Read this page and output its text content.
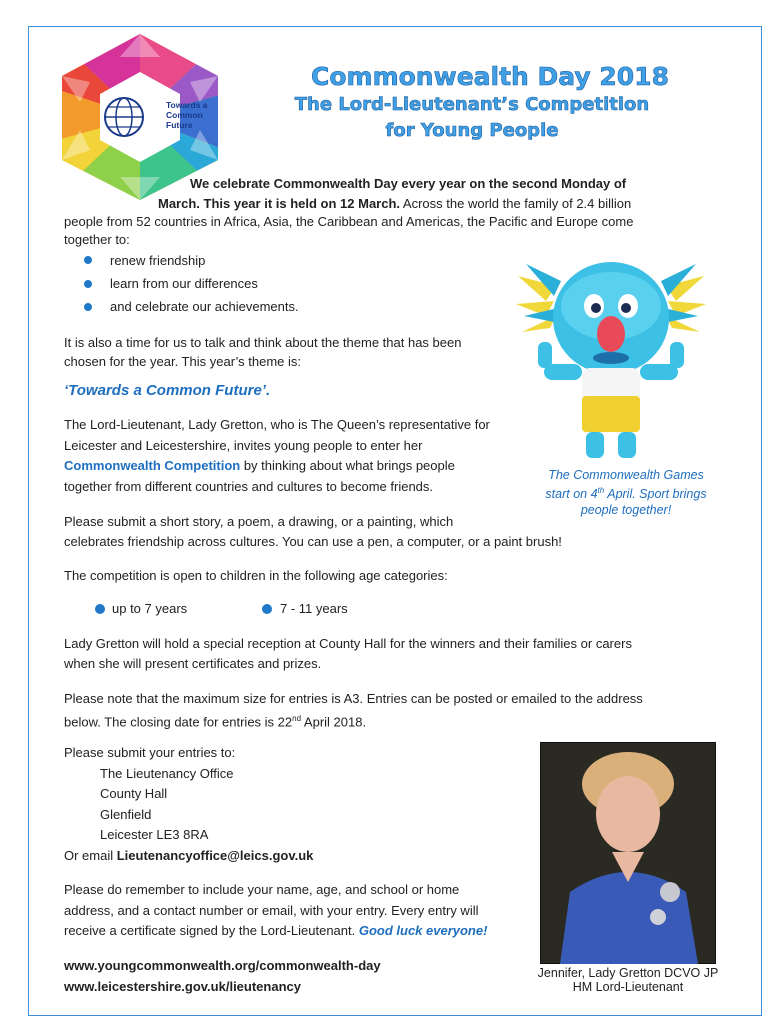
Towards a
Common
Future
Commonwealth Day 2018
The Lord-Lieutenant’s Competition
for Young People
We celebrate Commonwealth Day every year on the second Monday of
March. This year it is held on 12 March. Across the world the family of 2.4 billion
people from 52 countries in Africa, Asia, the Caribbean and Americas, the Pacific and Europe come
together to:
renew friendship
learn from our differences
and celebrate our achievements.
It is also a time for us to talk and think about the theme that has been
chosen for the year. This year’s theme is:
‘Towards a Common Future’.
The Lord-Lieutenant, Lady Gretton, who is The Queen’s representative for
Leicester and Leicestershire, invites young people to enter her
Commonwealth Competition by thinking about what brings people
together from different countries and cultures to become friends.
The Commonwealth Games
start on 4th April. Sport brings
people together!
Please submit a short story, a poem, a drawing, or a painting, which
celebrates friendship across cultures. You can use a pen, a computer, or a paint brush!
The competition is open to children in the following age categories:
up to 7 years	7 - 11 years
Lady Gretton will hold a special reception at County Hall for the winners and their families or carers
when she will present certificates and prizes.
Please note that the maximum size for entries is A3. Entries can be posted or emailed to the address
below. The closing date for entries is 22nd April 2018.
Please submit your entries to:
The Lieutenancy Office
County Hall
Glenfield
Leicester LE3 8RA
Or email Lieutenancyoffice@leics.gov.uk
Please do remember to include your name, age, and school or home
address, and a contact number or email, with your entry. Every entry will
receive a certificate signed by the Lord-Lieutenant. Good luck everyone!
www.youngcommonwealth.org/commonwealth-day
www.leicestershire.gov.uk/lieutenancy
Jennifer, Lady Gretton DCVO JP
HM Lord-Lieutenant
